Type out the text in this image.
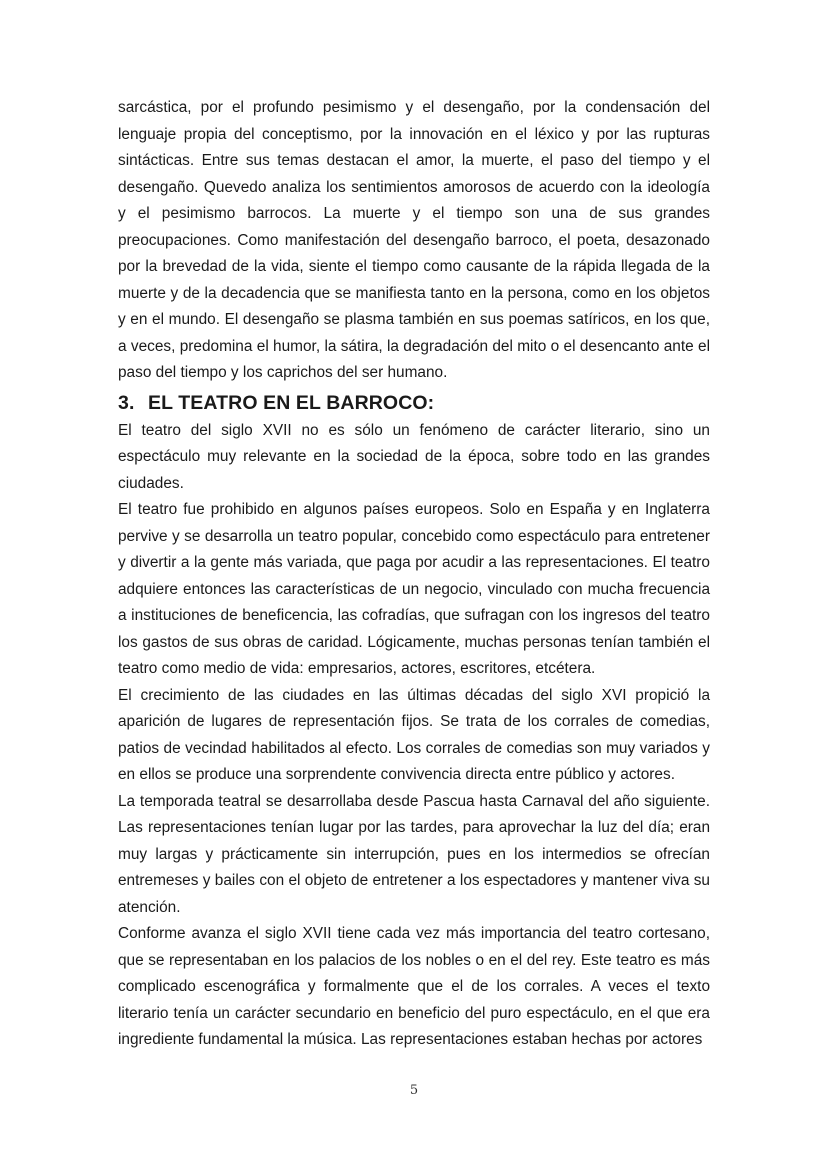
sarcástica, por el profundo pesimismo y el desengaño, por la condensación del lenguaje propia del conceptismo, por la innovación en el léxico y por las rupturas sintácticas. Entre sus temas destacan el amor, la muerte, el paso del tiempo y el desengaño. Quevedo analiza los sentimientos amorosos de acuerdo con la ideología y el pesimismo barrocos. La muerte y el tiempo son una de sus grandes preocupaciones. Como manifestación del desengaño barroco, el poeta, desazonado por la brevedad de la vida, siente el tiempo como causante de la rápida llegada de la muerte y de la decadencia que se manifiesta tanto en la persona, como en los objetos y en el mundo. El desengaño se plasma también en sus poemas satíricos, en los que, a veces, predomina el humor, la sátira, la degradación del mito o el desencanto ante el paso del tiempo y los caprichos del ser humano.

3. EL TEATRO EN EL BARROCO:

El teatro del siglo XVII no es sólo un fenómeno de carácter literario, sino un espectáculo muy relevante en la sociedad de la época, sobre todo en las grandes ciudades.

El teatro fue prohibido en algunos países europeos. Solo en España y en Inglaterra pervive y se desarrolla un teatro popular, concebido como espectáculo para entretener y divertir a la gente más variada, que paga por acudir a las representaciones. El teatro adquiere entonces las características de un negocio, vinculado con mucha frecuencia a instituciones de beneficencia, las cofradías, que sufragan con los ingresos del teatro los gastos de sus obras de caridad. Lógicamente, muchas personas tenían también el teatro como medio de vida: empresarios, actores, escritores, etcétera.

El crecimiento de las ciudades en las últimas décadas del siglo XVI propició la aparición de lugares de representación fijos. Se trata de los corrales de comedias, patios de vecindad habilitados al efecto. Los corrales de comedias son muy variados y en ellos se produce una sorprendente convivencia directa entre público y actores.

La temporada teatral se desarrollaba desde Pascua hasta Carnaval del año siguiente. Las representaciones tenían lugar por las tardes, para aprovechar la luz del día; eran muy largas y prácticamente sin interrupción, pues en los intermedios se ofrecían entremeses y bailes con el objeto de entretener a los espectadores y mantener viva su atención.

Conforme avanza el siglo XVII tiene cada vez más importancia del teatro cortesano, que se representaban en los palacios de los nobles o en el del rey. Este teatro es más complicado escenográfica y formalmente que el de los corrales. A veces el texto literario tenía un carácter secundario en beneficio del puro espectáculo, en el que era ingrediente fundamental la música. Las representaciones estaban hechas por actores

5
